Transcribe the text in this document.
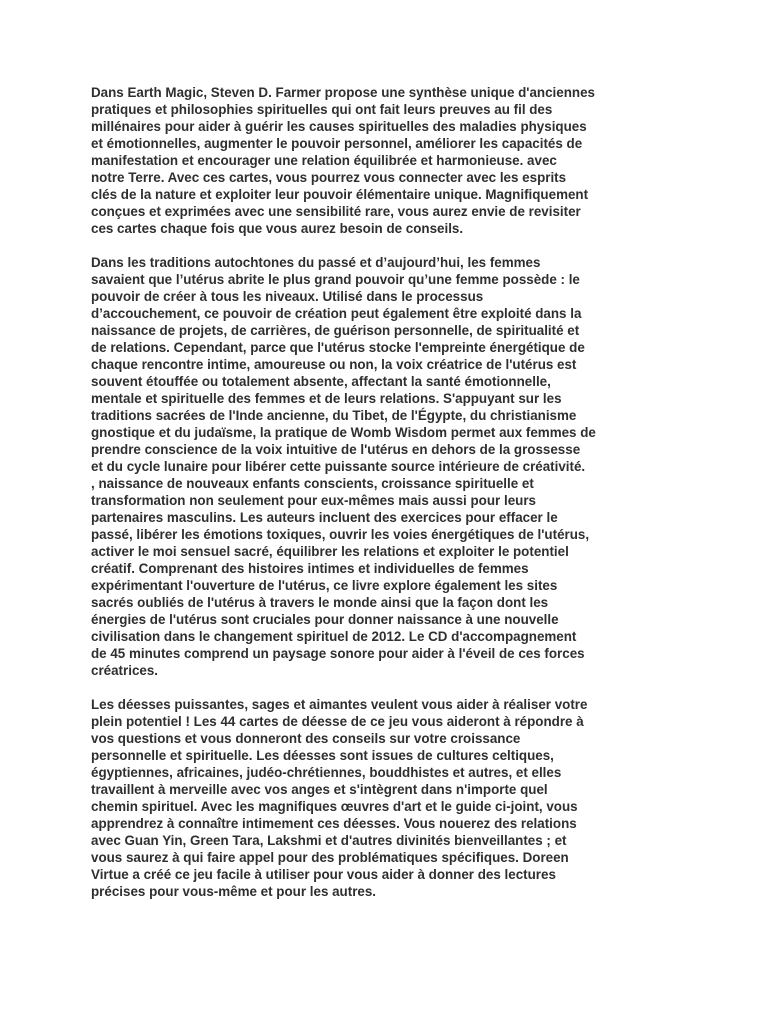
Dans Earth Magic, Steven D. Farmer propose une synthèse unique d'anciennes
pratiques et philosophies spirituelles qui ont fait leurs preuves au fil des
millénaires pour aider à guérir les causes spirituelles des maladies physiques
et émotionnelles, augmenter le pouvoir personnel, améliorer les capacités de
manifestation et encourager une relation équilibrée et harmonieuse. avec
notre Terre. Avec ces cartes, vous pourrez vous connecter avec les esprits
clés de la nature et exploiter leur pouvoir élémentaire unique. Magnifiquement
conçues et exprimées avec une sensibilité rare, vous aurez envie de revisiter
ces cartes chaque fois que vous aurez besoin de conseils.

Dans les traditions autochtones du passé et d’aujourd’hui, les femmes
savaient que l’utérus abrite le plus grand pouvoir qu’une femme possède : le
pouvoir de créer à tous les niveaux. Utilisé dans le processus
d’accouchement, ce pouvoir de création peut également être exploité dans la
naissance de projets, de carrières, de guérison personnelle, de spiritualité et
de relations. Cependant, parce que l'utérus stocke l'empreinte énergétique de
chaque rencontre intime, amoureuse ou non, la voix créatrice de l'utérus est
souvent étouffée ou totalement absente, affectant la santé émotionnelle,
mentale et spirituelle des femmes et de leurs relations. S'appuyant sur les
traditions sacrées de l'Inde ancienne, du Tibet, de l'Égypte, du christianisme
gnostique et du judaïsme, la pratique de Womb Wisdom permet aux femmes de
prendre conscience de la voix intuitive de l'utérus en dehors de la grossesse
et du cycle lunaire pour libérer cette puissante source intérieure de créativité.
, naissance de nouveaux enfants conscients, croissance spirituelle et
transformation non seulement pour eux-mêmes mais aussi pour leurs
partenaires masculins. Les auteurs incluent des exercices pour effacer le
passé, libérer les émotions toxiques, ouvrir les voies énergétiques de l'utérus,
activer le moi sensuel sacré, équilibrer les relations et exploiter le potentiel
créatif. Comprenant des histoires intimes et individuelles de femmes
expérimentant l'ouverture de l'utérus, ce livre explore également les sites
sacrés oubliés de l'utérus à travers le monde ainsi que la façon dont les
énergies de l'utérus sont cruciales pour donner naissance à une nouvelle
civilisation dans le changement spirituel de 2012. Le CD d'accompagnement
de 45 minutes comprend un paysage sonore pour aider à l'éveil de ces forces
créatrices.

Les déesses puissantes, sages et aimantes veulent vous aider à réaliser votre
plein potentiel ! Les 44 cartes de déesse de ce jeu vous aideront à répondre à
vos questions et vous donneront des conseils sur votre croissance
personnelle et spirituelle. Les déesses sont issues de cultures celtiques,
égyptiennes, africaines, judéo-chrétiennes, bouddhistes et autres, et elles
travaillent à merveille avec vos anges et s'intègrent dans n'importe quel
chemin spirituel. Avec les magnifiques œuvres d'art et le guide ci-joint, vous
apprendrez à connaître intimement ces déesses. Vous nouerez des relations
avec Guan Yin, Green Tara, Lakshmi et d'autres divinités bienveillantes ; et
vous saurez à qui faire appel pour des problématiques spécifiques. Doreen
Virtue a créé ce jeu facile à utiliser pour vous aider à donner des lectures
précises pour vous-même et pour les autres.
